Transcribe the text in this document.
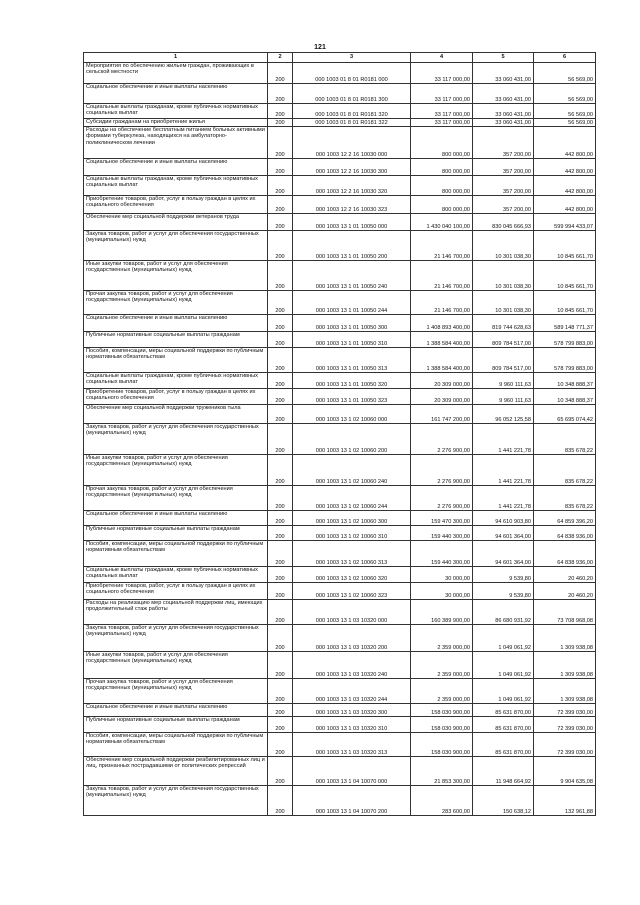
121
1	2	3	4	5	6
Мероприятия по обеспечению жильем граждан, проживающих в сельской местности	200	000 1003 01 8 01 R0181 000	33 117 000,00	33 060 431,00	56 569,00
Социальное обеспечение и иные выплаты населению	200	000 1003 01 8 01 R0181 300	33 117 000,00	33 060 431,00	56 569,00
Социальные выплаты гражданам, кроме публичных нормативных социальных выплат	200	000 1003 01 8 01 R0181 320	33 117 000,00	33 060 431,00	56 569,00
Субсидии гражданам на приобретение жилья	200	000 1003 01 8 01 R0181 322	33 117 000,00	33 060 431,00	56 569,00
Расходы на обеспечение бесплатным питанием больных активными формами туберкулеза, находящихся на амбулаторно-поликлиническом лечении	200	000 1003 12 2 16 10030 000	800 000,00	357 200,00	442 800,00
Социальное обеспечение и иные выплаты населению	200	000 1003 12 2 16 10030 300	800 000,00	357 200,00	442 800,00
Социальные выплаты гражданам, кроме публичных нормативных социальных выплат	200	000 1003 12 2 16 10030 320	800 000,00	357 200,00	442 800,00
Приобретение товаров, работ, услуг в пользу граждан в целях их социального обеспечения	200	000 1003 12 2 16 10030 323	800 000,00	357 200,00	442 800,00
Обеспечение мер социальной поддержки ветеранов труда	200	000 1003 13 1 01 10050 000	1 430 040 100,00	830 045 666,93	599 994 433,07
Закупка товаров, работ и услуг для обеспечения государственных (муниципальных) нужд	200	000 1003 13 1 01 10050 200	21 146 700,00	10 301 038,30	10 845 661,70
Иные закупки товаров, работ и услуг для обеспечения государственных (муниципальных) нужд	200	000 1003 13 1 01 10050 240	21 146 700,00	10 301 038,30	10 845 661,70
Прочая закупка товаров, работ и услуг для обеспечения государственных (муниципальных) нужд	200	000 1003 13 1 01 10050 244	21 146 700,00	10 301 038,30	10 845 661,70
Социальное обеспечение и иные выплаты населению	200	000 1003 13 1 01 10050 300	1 408 893 400,00	819 744 628,63	589 148 771,37
Публичные нормативные социальные выплаты гражданам	200	000 1003 13 1 01 10050 310	1 388 584 400,00	809 784 517,00	578 799 883,00
Пособия, компенсации, меры социальной поддержки по публичным нормативным обязательствам	200	000 1003 13 1 01 10050 313	1 388 584 400,00	809 784 517,00	578 799 883,00
Социальные выплаты гражданам, кроме публичных нормативных социальных выплат	200	000 1003 13 1 01 10050 320	20 309 000,00	9 960 111,63	10 348 888,37
Приобретение товаров, работ, услуг в пользу граждан в целях их социального обеспечения	200	000 1003 13 1 01 10050 323	20 309 000,00	9 960 111,63	10 348 888,37
Обеспечение мер социальной поддержки тружеников тыла	200	000 1003 13 1 02 10060 000	161 747 200,00	96 052 125,58	65 695 074,42
Закупка товаров, работ и услуг для обеспечения государственных (муниципальных) нужд	200	000 1003 13 1 02 10060 200	2 276 900,00	1 441 221,78	835 678,22
Иные закупки товаров, работ и услуг для обеспечения государственных (муниципальных) нужд	200	000 1003 13 1 02 10060 240	2 276 900,00	1 441 221,78	835 678,22
Прочая закупка товаров, работ и услуг для обеспечения государственных (муниципальных) нужд	200	000 1003 13 1 02 10060 244	2 276 900,00	1 441 221,78	835 678,22
Социальное обеспечение и иные выплаты населению	200	000 1003 13 1 02 10060 300	159 470 300,00	94 610 903,80	64 859 396,20
Публичные нормативные социальные выплаты гражданам	200	000 1003 13 1 02 10060 310	159 440 300,00	94 601 364,00	64 838 936,00
Пособия, компенсации, меры социальной поддержки по публичным нормативным обязательствам	200	000 1003 13 1 02 10060 313	159 440 300,00	94 601 364,00	64 838 936,00
Социальные выплаты гражданам, кроме публичных нормативных социальных выплат	200	000 1003 13 1 02 10060 320	30 000,00	9 539,80	20 460,20
Приобретение товаров, работ, услуг в пользу граждан в целях их социального обеспечения	200	000 1003 13 1 02 10060 323	30 000,00	9 539,80	20 460,20
Расходы на реализацию мер социальной поддержки лиц, имеющих продолжительный стаж работы	200	000 1003 13 1 03 10320 000	160 389 900,00	86 680 931,92	73 708 968,08
Закупка товаров, работ и услуг для обеспечения государственных (муниципальных) нужд	200	000 1003 13 1 03 10320 200	2 359 000,00	1 049 061,92	1 309 938,08
Иные закупки товаров, работ и услуг для обеспечения государственных (муниципальных) нужд	200	000 1003 13 1 03 10320 240	2 359 000,00	1 049 061,92	1 309 938,08
Прочая закупка товаров, работ и услуг для обеспечения государственных (муниципальных) нужд	200	000 1003 13 1 03 10320 244	2 359 000,00	1 049 061,92	1 309 938,08
Социальное обеспечение и иные выплаты населению	200	000 1003 13 1 03 10320 300	158 030 900,00	85 631 870,00	72 399 030,00
Публичные нормативные социальные выплаты гражданам	200	000 1003 13 1 03 10320 310	158 030 900,00	85 631 870,00	72 399 030,00
Пособия, компенсации, меры социальной поддержки по публичным нормативным обязательствам	200	000 1003 13 1 03 10320 313	158 030 900,00	85 631 870,00	72 399 030,00
Обеспечение мер социальной поддержки реабилитированных лиц и лиц, признанных пострадавшими от политических репрессий	200	000 1003 13 1 04 10070 000	21 853 300,00	11 948 664,92	9 904 635,08
Закупка товаров, работ и услуг для обеспечения государственных (муниципальных) нужд	200	000 1003 13 1 04 10070 200	283 600,00	150 638,12	132 961,88
